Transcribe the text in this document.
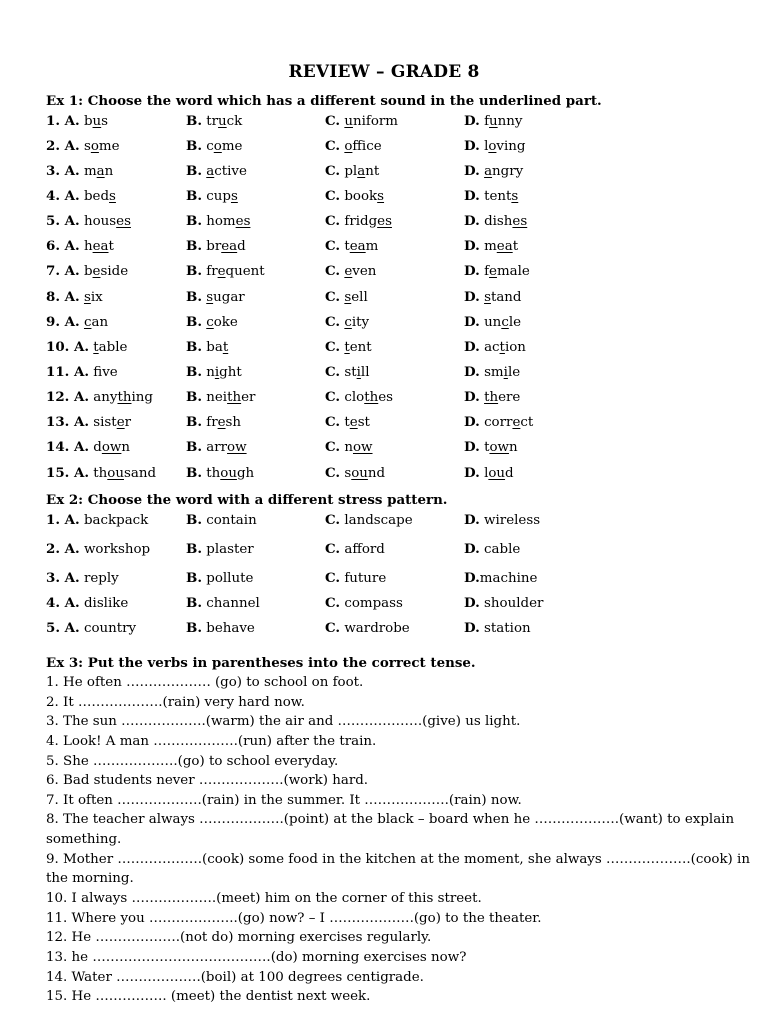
REVIEW – GRADE 8
Ex 1: Choose the word which has a different sound in the underlined part.
1. A. bus	B. truck	C. uniform	D. funny
2. A. some	B. come	C. office	D. loving
3. A. man	B. active	C. plant	D. angry
4. A. beds	B. cups	C. books	D. tents
5. A. houses	B. homes	C. fridges	D. dishes
6. A. heat	B. bread	C. team	D. meat
7. A. beside	B. frequent	C. even	D. female
8. A. six	B. sugar	C. sell	D. stand
9. A. can	B. coke	C. city	D. uncle
10. A. table	B. bat	C. tent	D. action
11. A. fve	B. night	C. still	D. smile
12. A. anything B. neither	C. clothes	D. there
13. A. sister	B. fresh	C. test	D. correct
14. A. down	B. arrow	C. now	D. town
15. A. thousand B. though	C. sound	D. loud
Ex 2: Choose the word with a different stress pattern.
1. A. backpack	B. contain	C. landscape	D. wireless
2. A. workshop	B. plaster	C. afford	D. cable
3. A. reply	B. pollute	C. future	D.machine
4. A. dislike	B. channel	C. compass	D. shoulder
5. A. country	B. behave	C. wardrobe	D. station
Ex 3: Put the verbs in parentheses into the correct tense.
1. He often ………………. (go) to school on foot.
2. It ……………….(rain) very hard now.
3. The sun ……………….(warm) the air and ……………….(give) us light.
4. Look! A man ……………….(run) after the train.
5. She ……………….(go) to school everyday.
6. Bad students never ……………….(work) hard.
7. It often ……………….(rain) in the summer. It ……………….(rain) now.
8. The teacher always ……………….(point) at the black – board when he ……………….(want) to explain
something.
9. Mother ……………….(cook) some food in the kitchen at the moment, she always ……………….(cook) in
the morning.
10. I always ……………….(meet) him on the corner of this street.
11. Where you ………………..(go) now? – I ……………….(go) to the theater.
12. He ……………….(not do) morning exercises regularly.
13. he ………………………………….(do) morning exercises now?
14. Water ……………….(boil) at 100 degrees centigrade.
15. He ……………. (meet) the dentist next week.
